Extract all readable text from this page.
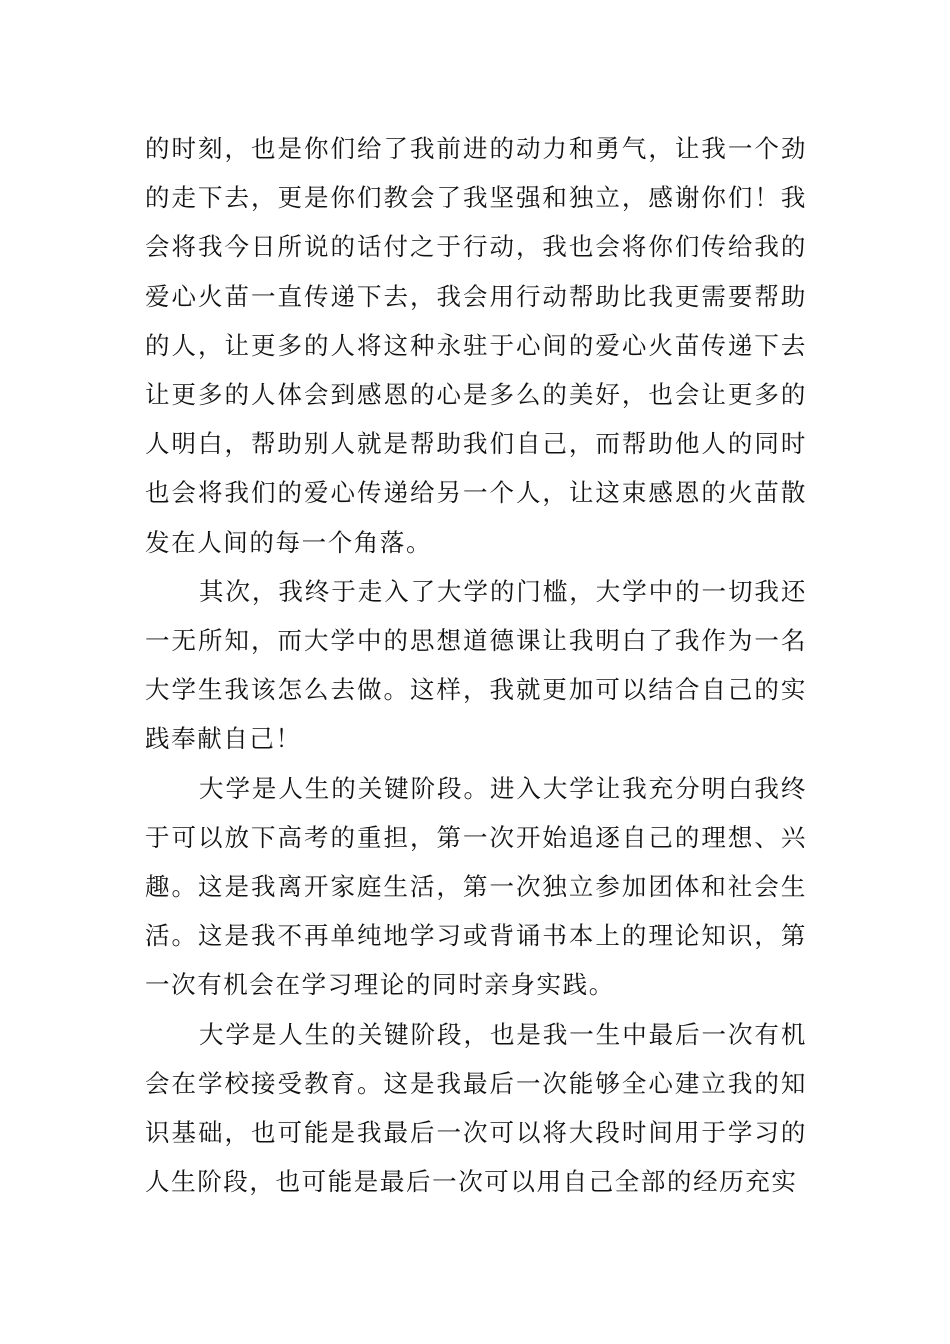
的时刻，也是你们给了我前进的动力和勇气，让我一个劲的走下去，更是你们教会了我坚强和独立，感谢你们！我会将我今日所说的话付之于行动，我也会将你们传给我的爱心火苗一直传递下去，我会用行动帮助比我更需要帮助的人，让更多的人将这种永驻于心间的爱心火苗传递下去让更多的人体会到感恩的心是多么的美好，也会让更多的人明白，帮助别人就是帮助我们自己，而帮助他人的同时也会将我们的爱心传递给另一个人，让这束感恩的火苗散发在人间的每一个角落。

其次，我终于走入了大学的门槛，大学中的一切我还一无所知，而大学中的思想道德课让我明白了我作为一名大学生我该怎么去做。这样，我就更加可以结合自己的实践奉献自己！

大学是人生的关键阶段。进入大学让我充分明白我终于可以放下高考的重担，第一次开始追逐自己的理想、兴趣。这是我离开家庭生活，第一次独立参加团体和社会生活。这是我不再单纯地学习或背诵书本上的理论知识，第一次有机会在学习理论的同时亲身实践。

大学是人生的关键阶段，也是我一生中最后一次有机会在学校接受教育。这是我最后一次能够全心建立我的知识基础，也可能是我最后一次可以将大段时间用于学习的人生阶段，也可能是最后一次可以用自己全部的经历充实
